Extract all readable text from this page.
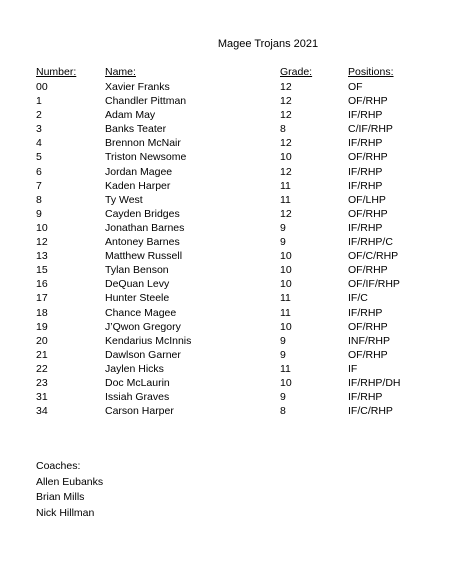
Magee Trojans 2021
Number:	Name:	Grade:	Positions:
00	Xavier Franks	12	OF
1	Chandler Pittman	12	OF/RHP
2	Adam May	12	IF/RHP
3	Banks Teater	8	C/IF/RHP
4	Brennon McNair	12	IF/RHP
5	Triston Newsome	10	OF/RHP
6	Jordan Magee	12	IF/RHP
7	Kaden Harper	11	IF/RHP
8	Ty West	11	OF/LHP
9	Cayden Bridges	12	OF/RHP
10	Jonathan Barnes	9	IF/RHP
12	Antoney Barnes	9	IF/RHP/C
13	Matthew Russell	10	OF/C/RHP
15	Tylan Benson	10	OF/RHP
16	DeQuan Levy	10	OF/IF/RHP
17	Hunter Steele	11	IF/C
18	Chance Magee	11	IF/RHP
19	J’Qwon Gregory	10	OF/RHP
20	Kendarius McInnis	9	INF/RHP
21	Dawlson Garner	9	OF/RHP
22	Jaylen Hicks	11	IF
23	Doc McLaurin	10	IF/RHP/DH
31	Issiah Graves	9	IF/RHP
34	Carson Harper	8	IF/C/RHP
Coaches:
Allen Eubanks
Brian Mills
Nick Hillman
